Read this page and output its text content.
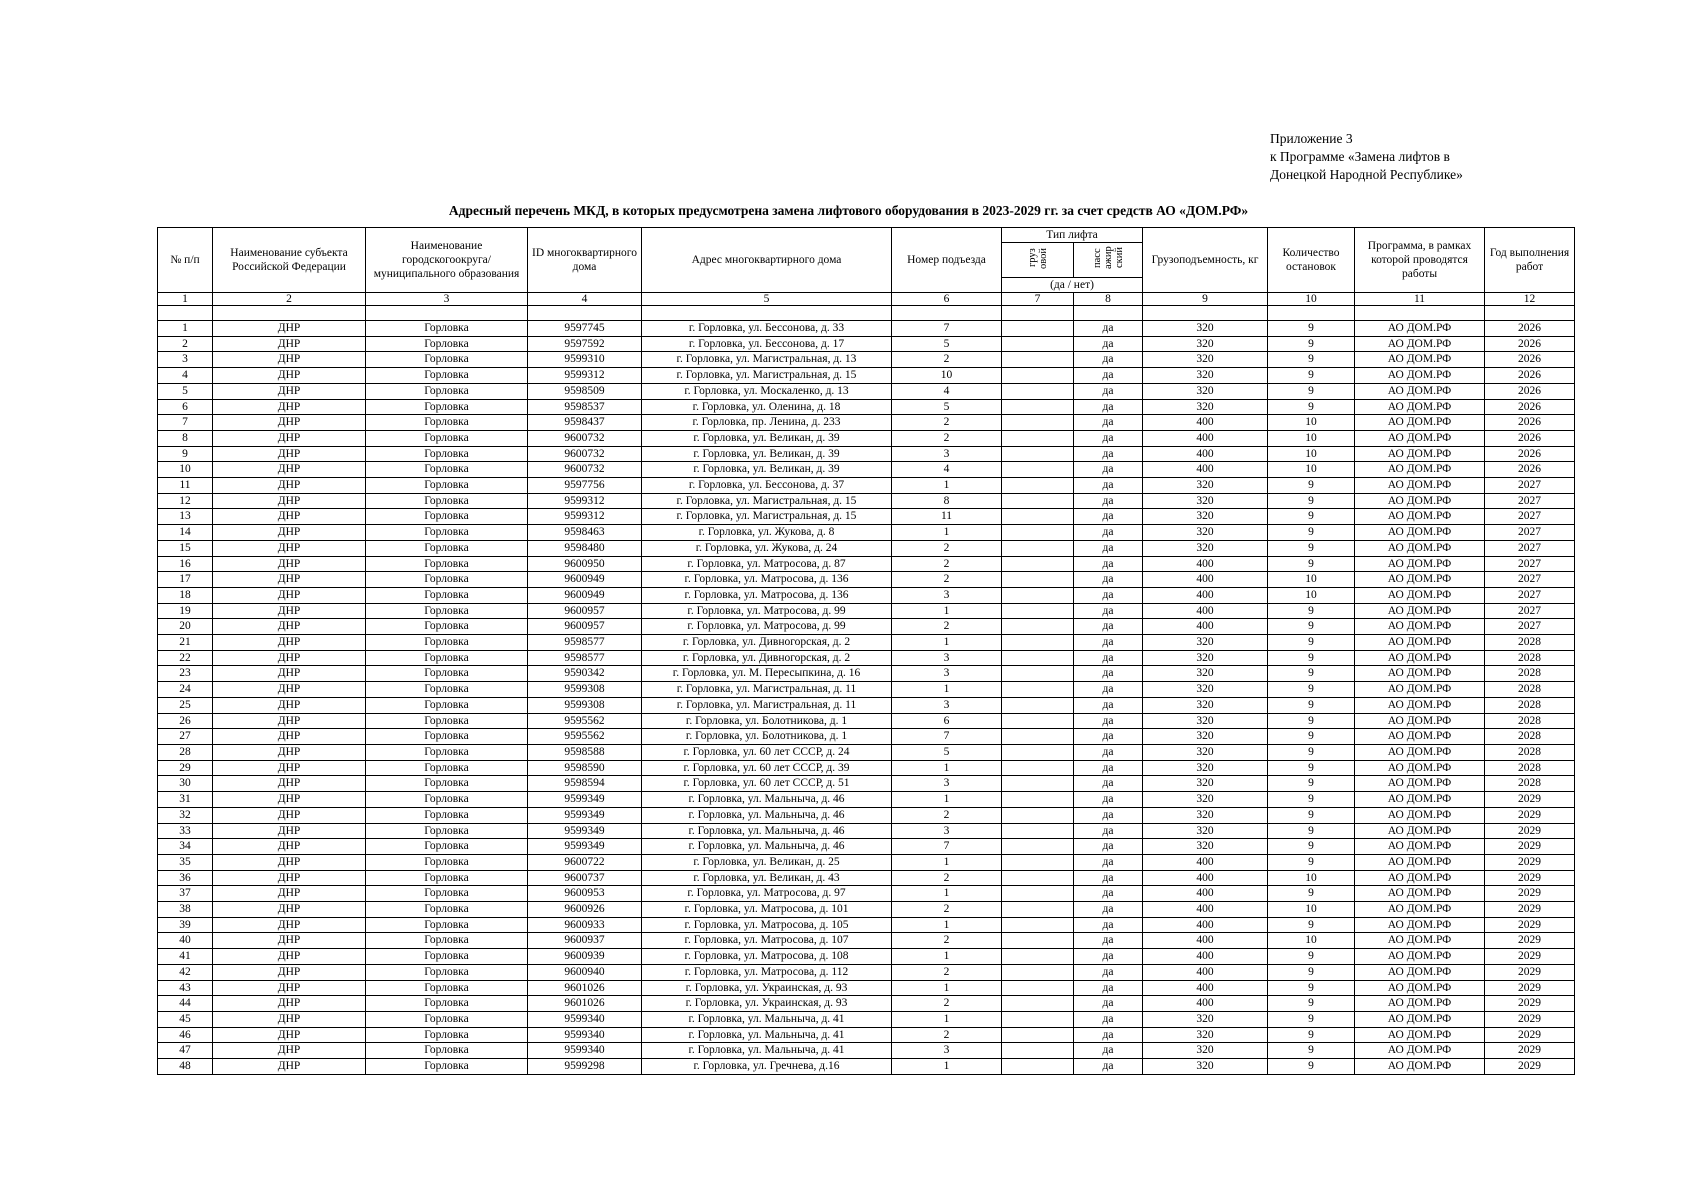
Приложение 3
к Программе «Замена лифтов в
Донецкой Народной Республике»
Адресный перечень МКД, в которых предусмотрена замена лифтового оборудования в 2023-2029 гг. за счет средств АО «ДОМ.РФ»
№ п/п	Наименование субъекта Российской Федерации	Наименование городскогоокруга/муниципального образования	ID многоквартирного дома	Адрес многоквартирного дома	Номер подъезда	Тип лифта		Грузоподъемность, кг	Количество остановок	Программа, в рамках которой проводятся работы	Год выполнения работ
						груз овой	пасс ажир ский				
						(да / нет)					
1	2	3	4	5	6	7	8	9	10	11	12

1	ДНР	Горловка	9597745	г. Горловка, ул. Бессонова, д. 33	7		да	320	9	АО ДОМ.РФ	2026
2	ДНР	Горловка	9597592	г. Горловка, ул. Бессонова, д. 17	5		да	320	9	АО ДОМ.РФ	2026
3	ДНР	Горловка	9599310	г. Горловка, ул. Магистральная, д. 13	2		да	320	9	АО ДОМ.РФ	2026
4	ДНР	Горловка	9599312	г. Горловка, ул. Магистральная, д. 15	10		да	320	9	АО ДОМ.РФ	2026
5	ДНР	Горловка	9598509	г. Горловка, ул. Москаленко, д. 13	4		да	320	9	АО ДОМ.РФ	2026
6	ДНР	Горловка	9598537	г. Горловка, ул. Оленина, д. 18	5		да	320	9	АО ДОМ.РФ	2026
7	ДНР	Горловка	9598437	г. Горловка, пр. Ленина, д. 233	2		да	400	10	АО ДОМ.РФ	2026
8	ДНР	Горловка	9600732	г. Горловка, ул. Великан, д. 39	2		да	400	10	АО ДОМ.РФ	2026
9	ДНР	Горловка	9600732	г. Горловка, ул. Великан, д. 39	3		да	400	10	АО ДОМ.РФ	2026
10	ДНР	Горловка	9600732	г. Горловка, ул. Великан, д. 39	4		да	400	10	АО ДОМ.РФ	2026
11	ДНР	Горловка	9597756	г. Горловка, ул. Бессонова, д. 37	1		да	320	9	АО ДОМ.РФ	2027
12	ДНР	Горловка	9599312	г. Горловка, ул. Магистральная, д. 15	8		да	320	9	АО ДОМ.РФ	2027
13	ДНР	Горловка	9599312	г. Горловка, ул. Магистральная, д. 15	11		да	320	9	АО ДОМ.РФ	2027
14	ДНР	Горловка	9598463	г. Горловка, ул. Жукова, д. 8	1		да	320	9	АО ДОМ.РФ	2027
15	ДНР	Горловка	9598480	г. Горловка, ул. Жукова, д. 24	2		да	320	9	АО ДОМ.РФ	2027
16	ДНР	Горловка	9600950	г. Горловка, ул. Матросова, д. 87	2		да	400	9	АО ДОМ.РФ	2027
17	ДНР	Горловка	9600949	г. Горловка, ул. Матросова, д. 136	2		да	400	10	АО ДОМ.РФ	2027
18	ДНР	Горловка	9600949	г. Горловка, ул. Матросова, д. 136	3		да	400	10	АО ДОМ.РФ	2027
19	ДНР	Горловка	9600957	г. Горловка, ул. Матросова, д. 99	1		да	400	9	АО ДОМ.РФ	2027
20	ДНР	Горловка	9600957	г. Горловка, ул. Матросова, д. 99	2		да	400	9	АО ДОМ.РФ	2027
21	ДНР	Горловка	9598577	г. Горловка, ул. Дивногорская, д. 2	1		да	320	9	АО ДОМ.РФ	2028
22	ДНР	Горловка	9598577	г. Горловка, ул. Дивногорская, д. 2	3		да	320	9	АО ДОМ.РФ	2028
23	ДНР	Горловка	9590342	г. Горловка, ул. М. Пересыпкина, д. 16	3		да	320	9	АО ДОМ.РФ	2028
24	ДНР	Горловка	9599308	г. Горловка, ул. Магистральная, д. 11	1		да	320	9	АО ДОМ.РФ	2028
25	ДНР	Горловка	9599308	г. Горловка, ул. Магистральная, д. 11	3		да	320	9	АО ДОМ.РФ	2028
26	ДНР	Горловка	9595562	г. Горловка, ул. Болотникова, д. 1	6		да	320	9	АО ДОМ.РФ	2028
27	ДНР	Горловка	9595562	г. Горловка, ул. Болотникова, д. 1	7		да	320	9	АО ДОМ.РФ	2028
28	ДНР	Горловка	9598588	г. Горловка, ул. 60 лет СССР, д. 24	5		да	320	9	АО ДОМ.РФ	2028
29	ДНР	Горловка	9598590	г. Горловка, ул. 60 лет СССР, д. 39	1		да	320	9	АО ДОМ.РФ	2028
30	ДНР	Горловка	9598594	г. Горловка, ул. 60 лет СССР, д. 51	3		да	320	9	АО ДОМ.РФ	2028
31	ДНР	Горловка	9599349	г. Горловка, ул. Мальныча, д. 46	1		да	320	9	АО ДОМ.РФ	2029
32	ДНР	Горловка	9599349	г. Горловка, ул. Мальныча, д. 46	2		да	320	9	АО ДОМ.РФ	2029
33	ДНР	Горловка	9599349	г. Горловка, ул. Мальныча, д. 46	3		да	320	9	АО ДОМ.РФ	2029
34	ДНР	Горловка	9599349	г. Горловка, ул. Мальныча, д. 46	7		да	320	9	АО ДОМ.РФ	2029
35	ДНР	Горловка	9600722	г. Горловка, ул. Великан, д. 25	1		да	400	9	АО ДОМ.РФ	2029
36	ДНР	Горловка	9600737	г. Горловка, ул. Великан, д. 43	2		да	400	10	АО ДОМ.РФ	2029
37	ДНР	Горловка	9600953	г. Горловка, ул. Матросова, д. 97	1		да	400	9	АО ДОМ.РФ	2029
38	ДНР	Горловка	9600926	г. Горловка, ул. Матросова, д. 101	2		да	400	10	АО ДОМ.РФ	2029
39	ДНР	Горловка	9600933	г. Горловка, ул. Матросова, д. 105	1		да	400	9	АО ДОМ.РФ	2029
40	ДНР	Горловка	9600937	г. Горловка, ул. Матросова, д. 107	2		да	400	10	АО ДОМ.РФ	2029
41	ДНР	Горловка	9600939	г. Горловка, ул. Матросова, д. 108	1		да	400	9	АО ДОМ.РФ	2029
42	ДНР	Горловка	9600940	г. Горловка, ул. Матросова, д. 112	2		да	400	9	АО ДОМ.РФ	2029
43	ДНР	Горловка	9601026	г. Горловка, ул. Украинская, д. 93	1		да	400	9	АО ДОМ.РФ	2029
44	ДНР	Горловка	9601026	г. Горловка, ул. Украинская, д. 93	2		да	400	9	АО ДОМ.РФ	2029
45	ДНР	Горловка	9599340	г. Горловка, ул. Мальныча, д. 41	1		да	320	9	АО ДОМ.РФ	2029
46	ДНР	Горловка	9599340	г. Горловка, ул. Мальныча, д. 41	2		да	320	9	АО ДОМ.РФ	2029
47	ДНР	Горловка	9599340	г. Горловка, ул. Мальныча, д. 41	3		да	320	9	АО ДОМ.РФ	2029
48	ДНР	Горловка	9599298	г. Горловка, ул. Гречнева, д.16	1		да	320	9	АО ДОМ.РФ	2029
